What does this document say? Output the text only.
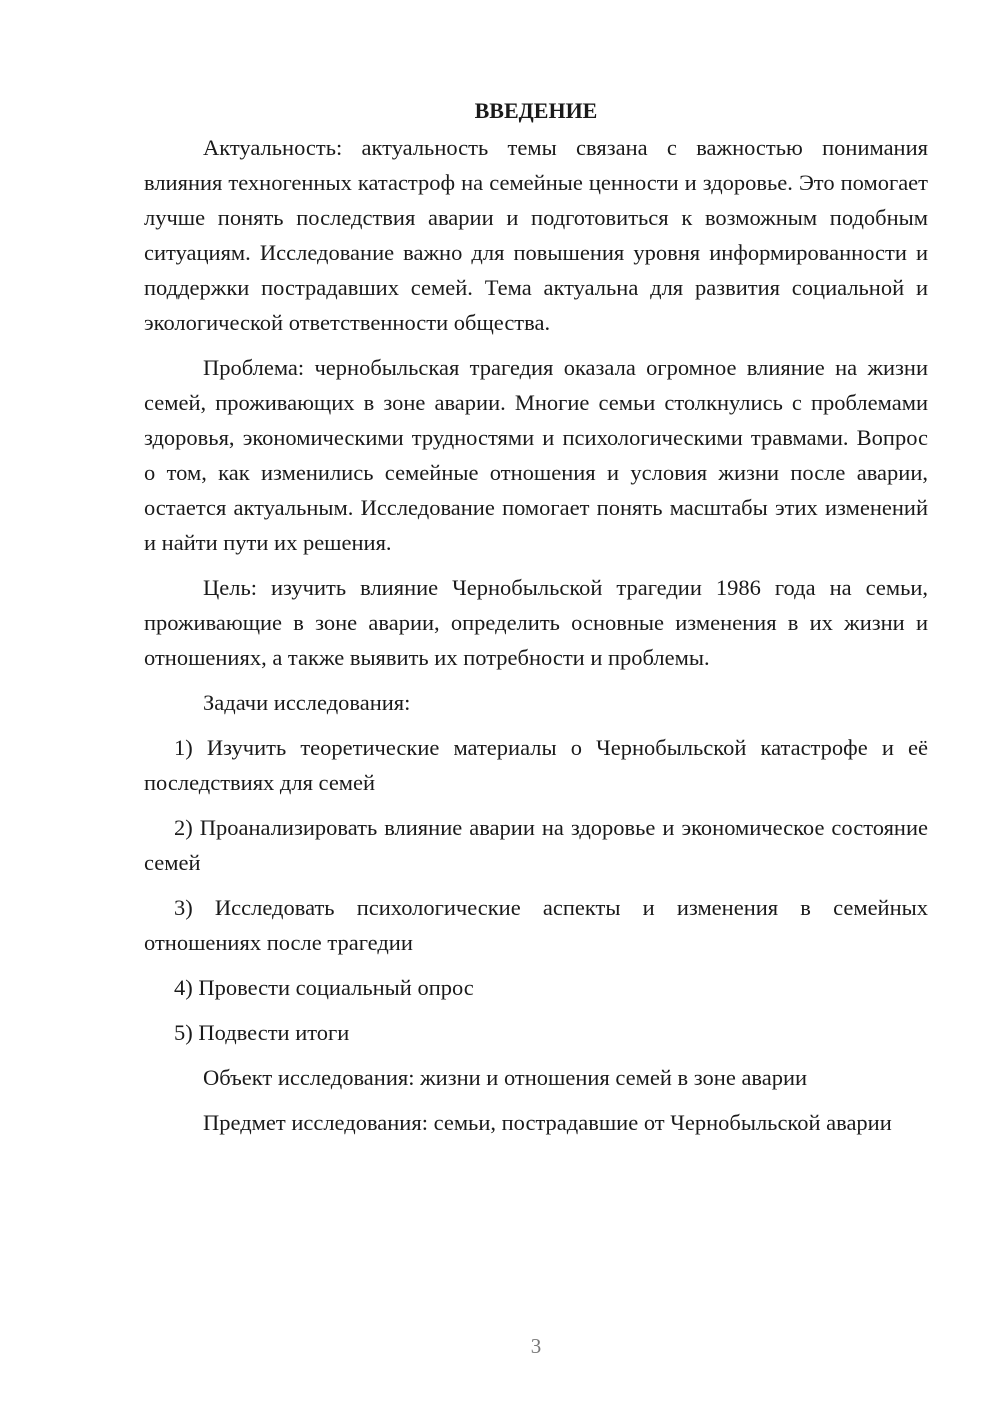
ВВЕДЕНИЕ

Актуальность: актуальность темы связана с важностью понимания влияния техногенных катастроф на семейные ценности и здоровье. Это помогает лучше понять последствия аварии и подготовиться к возможным подобным ситуациям. Исследование важно для повышения уровня информированности и поддержки пострадавших семей. Тема актуальна для развития социальной и экологической ответственности общества.

Проблема: чернобыльская трагедия оказала огромное влияние на жизни семей, проживающих в зоне аварии. Многие семьи столкнулись с проблемами здоровья, экономическими трудностями и психологическими травмами. Вопрос о том, как изменились семейные отношения и условия жизни после аварии, остается актуальным. Исследование помогает понять масштабы этих изменений и найти пути их решения.

Цель: изучить влияние Чернобыльской трагедии 1986 года на семьи, проживающие в зоне аварии, определить основные изменения в их жизни и отношениях, а также выявить их потребности и проблемы.

Задачи исследования:

1) Изучить теоретические материалы о Чернобыльской катастрофе и её последствиях для семей

2) Проанализировать влияние аварии на здоровье и экономическое состояние семей

3) Исследовать психологические аспекты и изменения в семейных отношениях после трагедии

4) Провести социальный опрос

5) Подвести итоги

Объект исследования: жизни и отношения семей в зоне аварии

Предмет исследования: семьи, пострадавшие от Чернобыльской аварии

3
